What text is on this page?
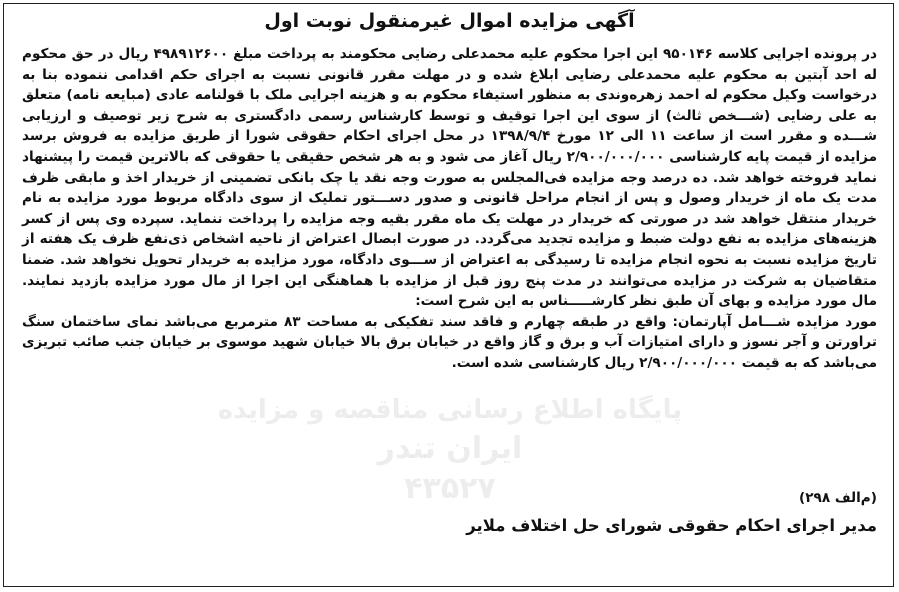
پایگاه اطلاع رسانی مناقصه و مزایده
ایران تندر
۴۳۵۲۷
آگهی مزایده اموال غیرمنقول نوبت اول

در پرونده اجرایی کلاسه ۹۵۰۱۴۶ این اجرا محکوم علیه محمدعلی رضایی محکومند به پرداخت مبلغ ۴۹۸۹۱۲۶۰۰ ریال در حق محکوم له احد آبتین به محکوم علیه محمدعلی رضایی ابلاغ شده و در مهلت مقرر قانونی نسبت به اجرای حکم اقدامی ننموده بنا به درخواست وکیل محکوم له احمد زهره‌وندی به منظور استیفاء محکوم به و هزینه اجرایی ملک با قولنامه عادی (مبایعه نامه) متعلق به علی رضایی (شـــخص ثالث) از سوی این اجرا توقیف و توسط کارشناس رسمی دادگستری به شرح زیر توصیف و ارزیابی شـــده و مقرر است از ساعت ۱۱ الی ۱۲ مورخ ۱۳۹۸/۹/۴ در محل اجرای احکام حقوقی شورا از طریق مزایده به فروش برسد مزایده از قیمت پایه کارشناسی ۲/۹۰۰/۰۰۰/۰۰۰ ریال آغاز می شود و به هر شخص حقیقی یا حقوقی که بالاترین قیمت را پیشنهاد نماید فروخته خواهد شد. ده درصد وجه مزایده فی‌المجلس به صورت وجه نقد یا چک بانکی تضمینی از خریدار اخذ و مابقی ظرف مدت یک ماه از خریدار وصول و پس از انجام مراحل قانونی و صدور دســـتور تملیک از سوی دادگاه مربوط مورد مزایده به نام خریدار منتقل خواهد شد در صورتی که خریدار در مهلت یک ماه مقرر بقیه وجه مزایده را پرداخت ننماید. سپرده وی پس از کسر هزینه‌های مزایده به نفع دولت ضبط و مزایده تجدید می‌گردد. در صورت ابصال اعتراض از ناحیه اشخاص ذی‌نفع ظرف یک هفته از تاریخ مزایده نسبت به نحوه انجام مزایده تا رسیدگی به اعتراض از ســـوی دادگاه، مورد مزایده به خریدار تحویل نخواهد شد. ضمنا متقاضیان به شرکت در مزایده می‌توانند در مدت پنج روز قبل از مزایده با هماهنگی این اجرا از مال مورد مزایده بازدید نمایند. مال مورد مزایده و بهای آن طبق نظر کارشـــــناس به این شرح است:

مورد مزایده شـــامل آپارتمان: واقع در طبقه چهارم و فاقد سند تفکیکی به مساحت ۸۳ مترمربع می‌باشد نمای ساختمان سنگ تراورتن و آجر نسوز و دارای امتیازات آب و برق و گاز واقع در خیابان برق بالا خیابان شهید موسوی بر خیابان جنب صائب تبریزی می‌باشد که به قیمت ۲/۹۰۰/۰۰۰/۰۰۰ ریال کارشناسی شده است.

(م‌الف ۲۹۸)
مدیر اجرای احکام حقوقی شورای حل اختلاف ملایر
